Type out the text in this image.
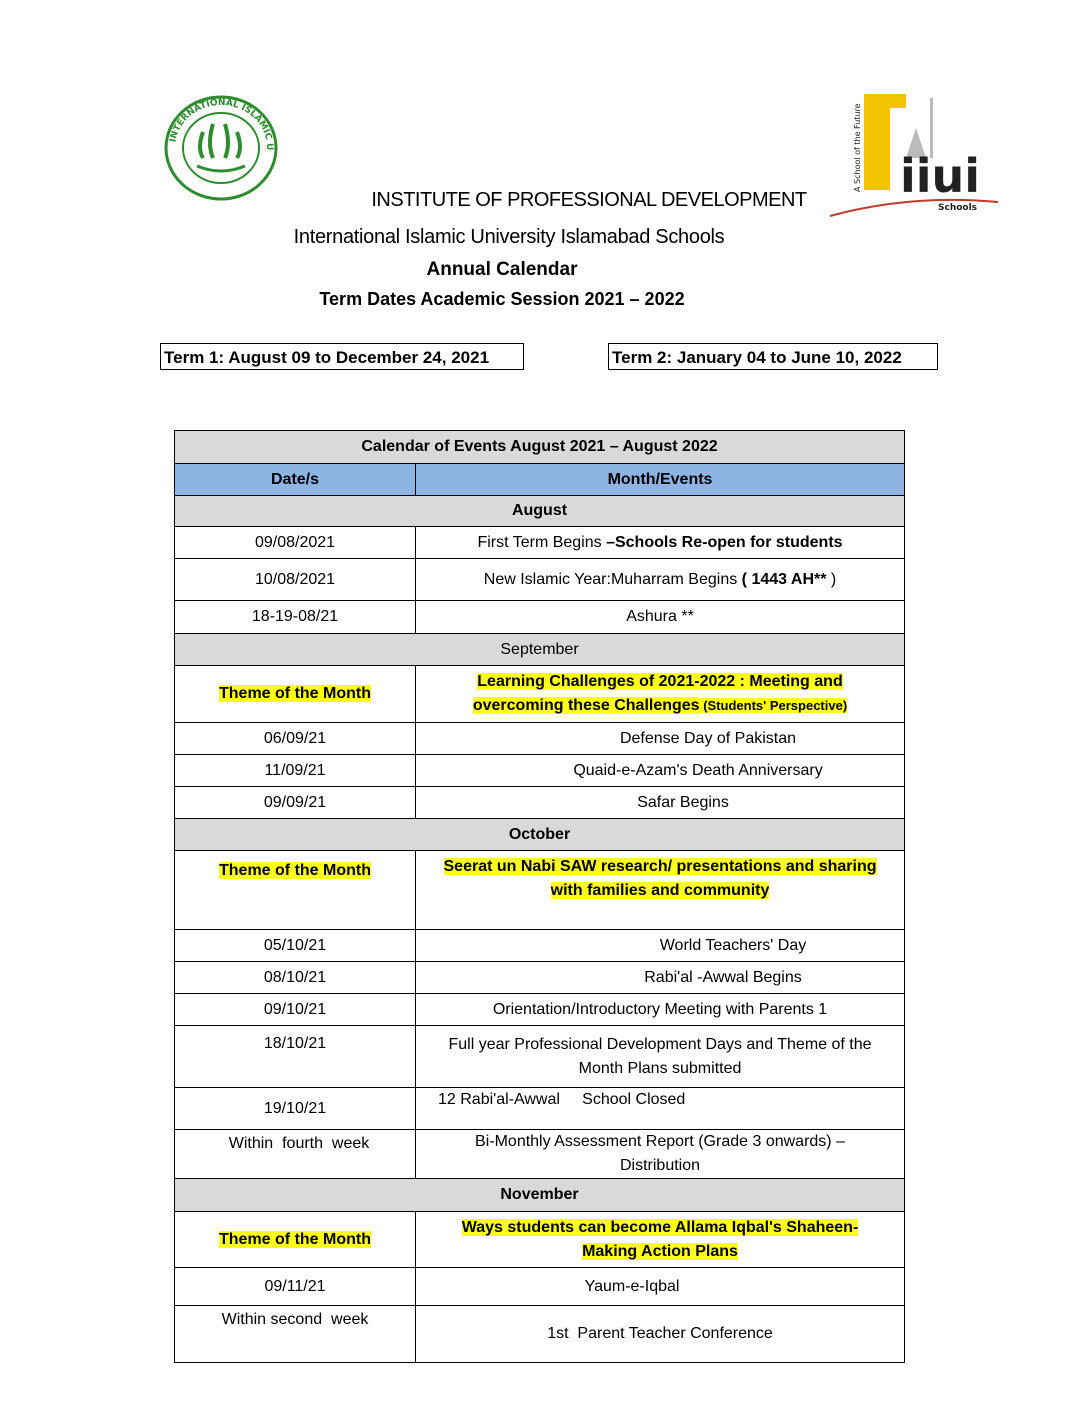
INTERNATIONAL ISLAMIC U
iiui
Schools
A School of the Future
INSTITUTE OF PROFESSIONAL DEVELOPMENT
International Islamic University Islamabad Schools
Annual Calendar
Term Dates Academic Session 2021 – 2022
Term 1: August 09 to December 24, 2021	Term 2: January 04 to June 10, 2022
Calendar of Events August 2021 – August 2022	
Date/s	Month/Events
August	
09/08/2021	First Term Begins –Schools Re-open for students
10/08/2021	New Islamic Year:Muharram Begins ( 1443 AH** )
18-19-08/21	Ashura **
September	
Theme of the Month	Learning Challenges of 2021-2022 : Meeting and
overcoming these Challenges (Students' Perspective)
06/09/21	Defense Day of Pakistan
11/09/21	Quaid-e-Azam's Death Anniversary
09/09/21	Safar Begins
October	
Theme of the Month	Seerat un Nabi SAW research/ presentations and sharing
with families and community
05/10/21	World Teachers' Day
08/10/21	Rabi'al -Awwal Begins
09/10/21	Orientation/Introductory Meeting with Parents 1
18/10/21	Full year Professional Development Days and Theme of the
Month Plans submitted
19/10/21	12 Rabi'al-Awwal     School Closed
Within  fourth  week	Bi-Monthly Assessment Report (Grade 3 onwards) –
Distribution
November	
Theme of the Month	Ways students can become Allama Iqbal's Shaheen-
Making Action Plans
09/11/21	Yaum-e-Iqbal
Within second  week	1st  Parent Teacher Conference
